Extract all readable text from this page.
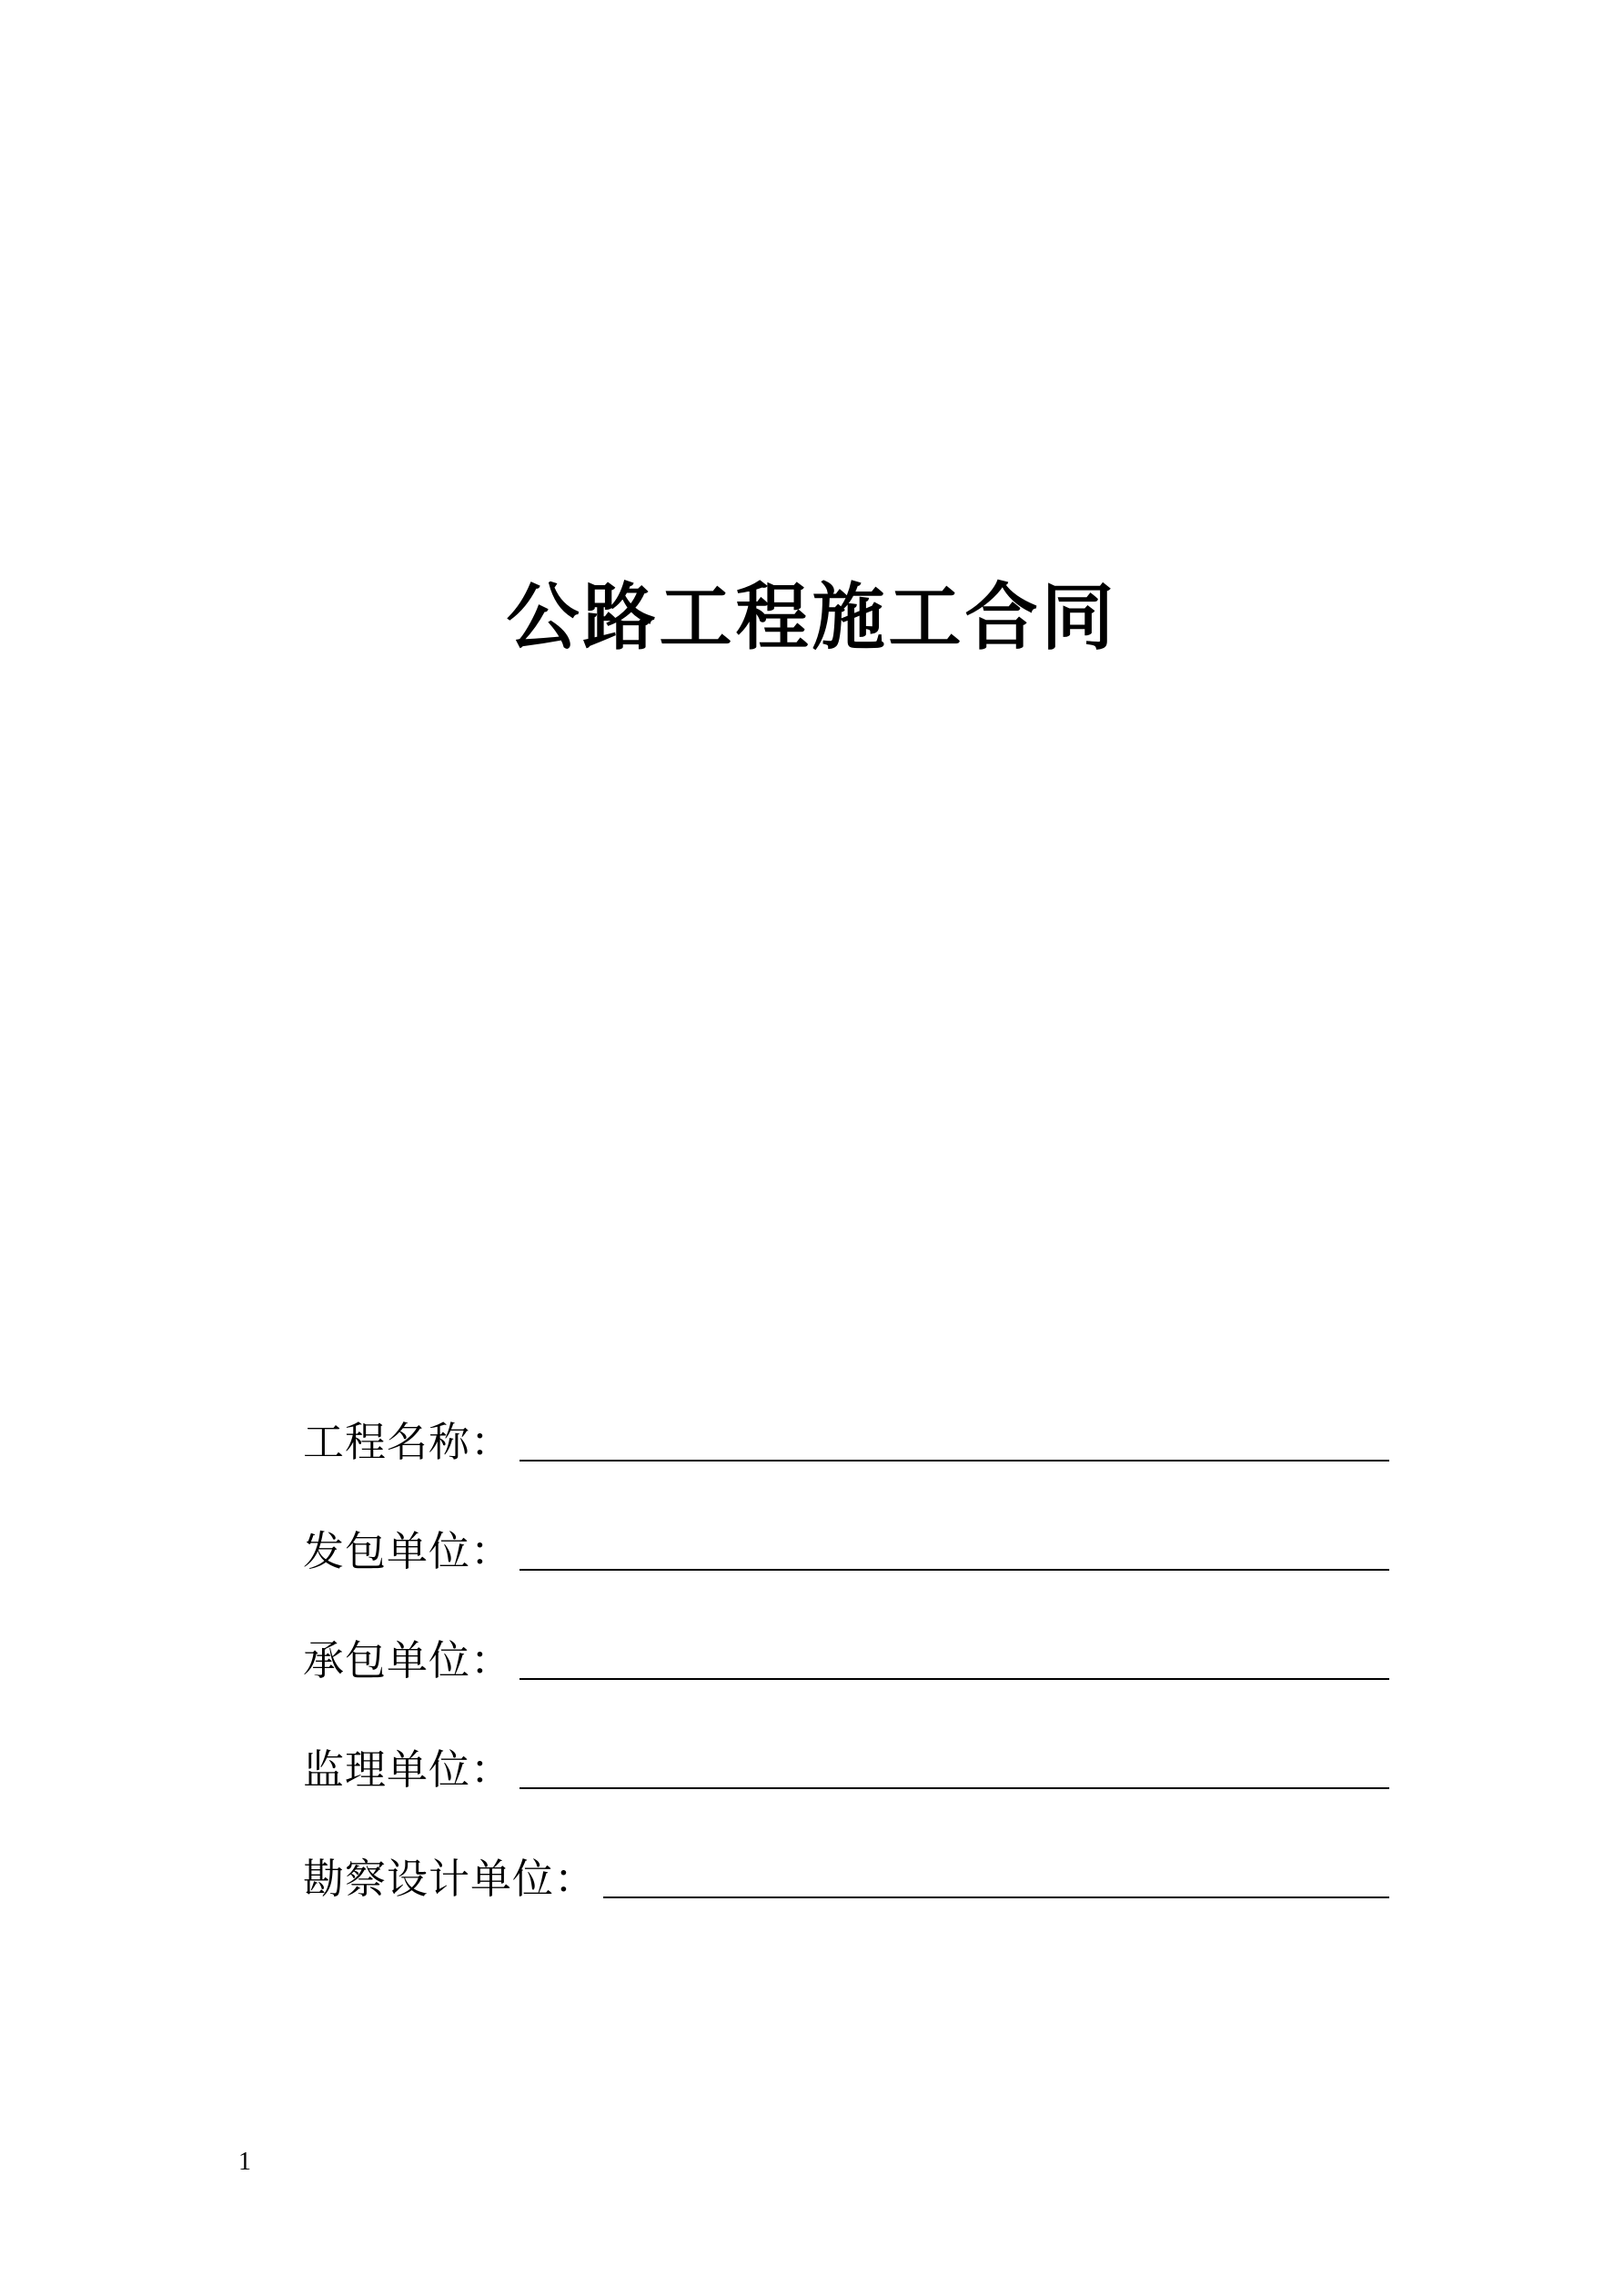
公路工程施工合同
工程名称：
发包单位：
承包单位：
监理单位：
勘察设计单位：
1
